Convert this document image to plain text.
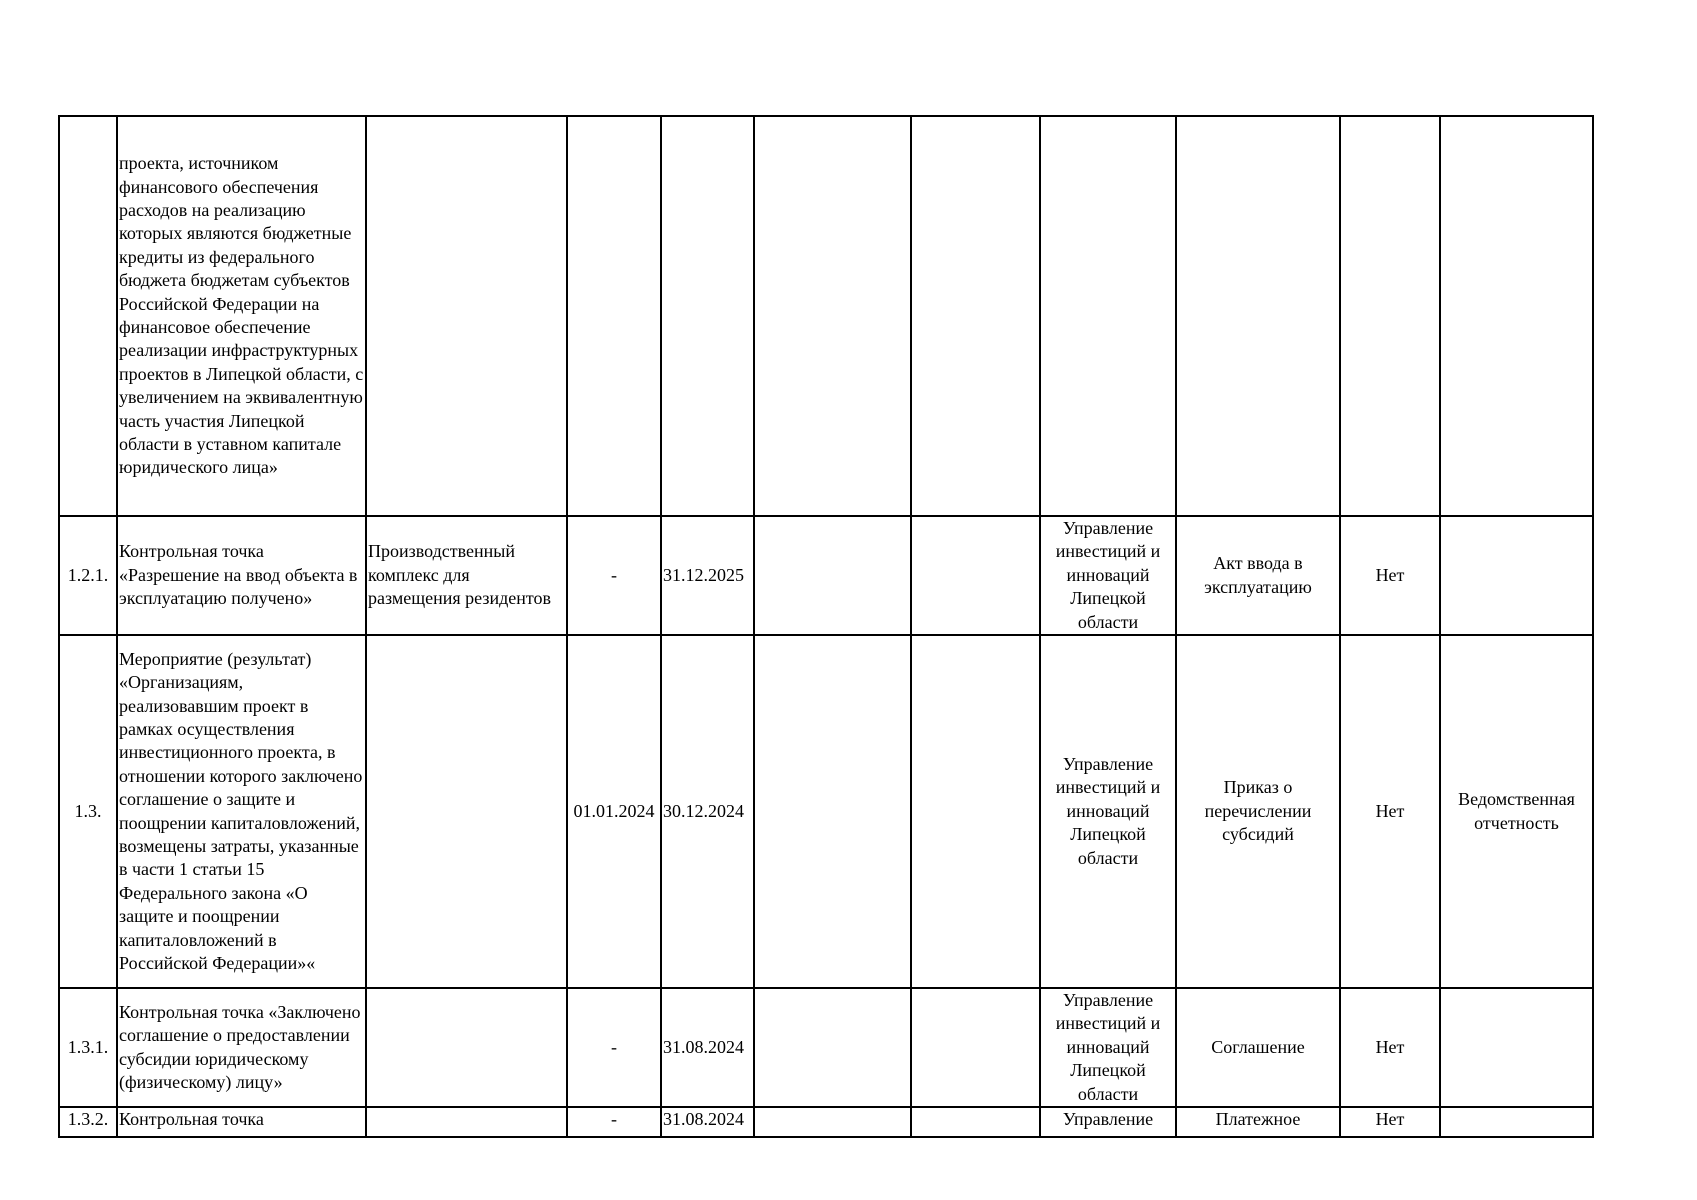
	проекта, источником финансового обеспечения расходов на реализацию которых являются бюджетные кредиты из федерального бюджета бюджетам субъектов Российской Федерации на финансовое обеспечение реализации инфраструктурных проектов в Липецкой области, с увеличением на эквивалентную часть участия Липецкой области в уставном капитале юридического лица»									
1.2.1.	Контрольная точка «Разрешение на ввод объекта в эксплуатацию получено»	Производственный комплекс для размещения резидентов	-	31.12.2025			Управление инвестиций и инноваций Липецкой области	Акт ввода в эксплуатацию	Нет	
1.3.	Мероприятие (результат) «Организациям, реализовавшим проект в рамках осуществления инвестиционного проекта, в отношении которого заключено соглашение о защите и поощрении капиталовложений, возмещены затраты, указанные в части 1 статьи 15 Федерального закона «О защите и поощрении капиталовложений в Российской Федерации»«		01.01.2024	30.12.2024			Управление инвестиций и инноваций Липецкой области	Приказ о перечислении субсидий	Нет	Ведомственная отчетность
1.3.1.	Контрольная точка «Заключено соглашение о предоставлении субсидии юридическому (физическому) лицу»		-	31.08.2024			Управление инвестиций и инноваций Липецкой области	Соглашение	Нет	
1.3.2.	Контрольная точка		-	31.08.2024			Управление	Платежное	Нет	
